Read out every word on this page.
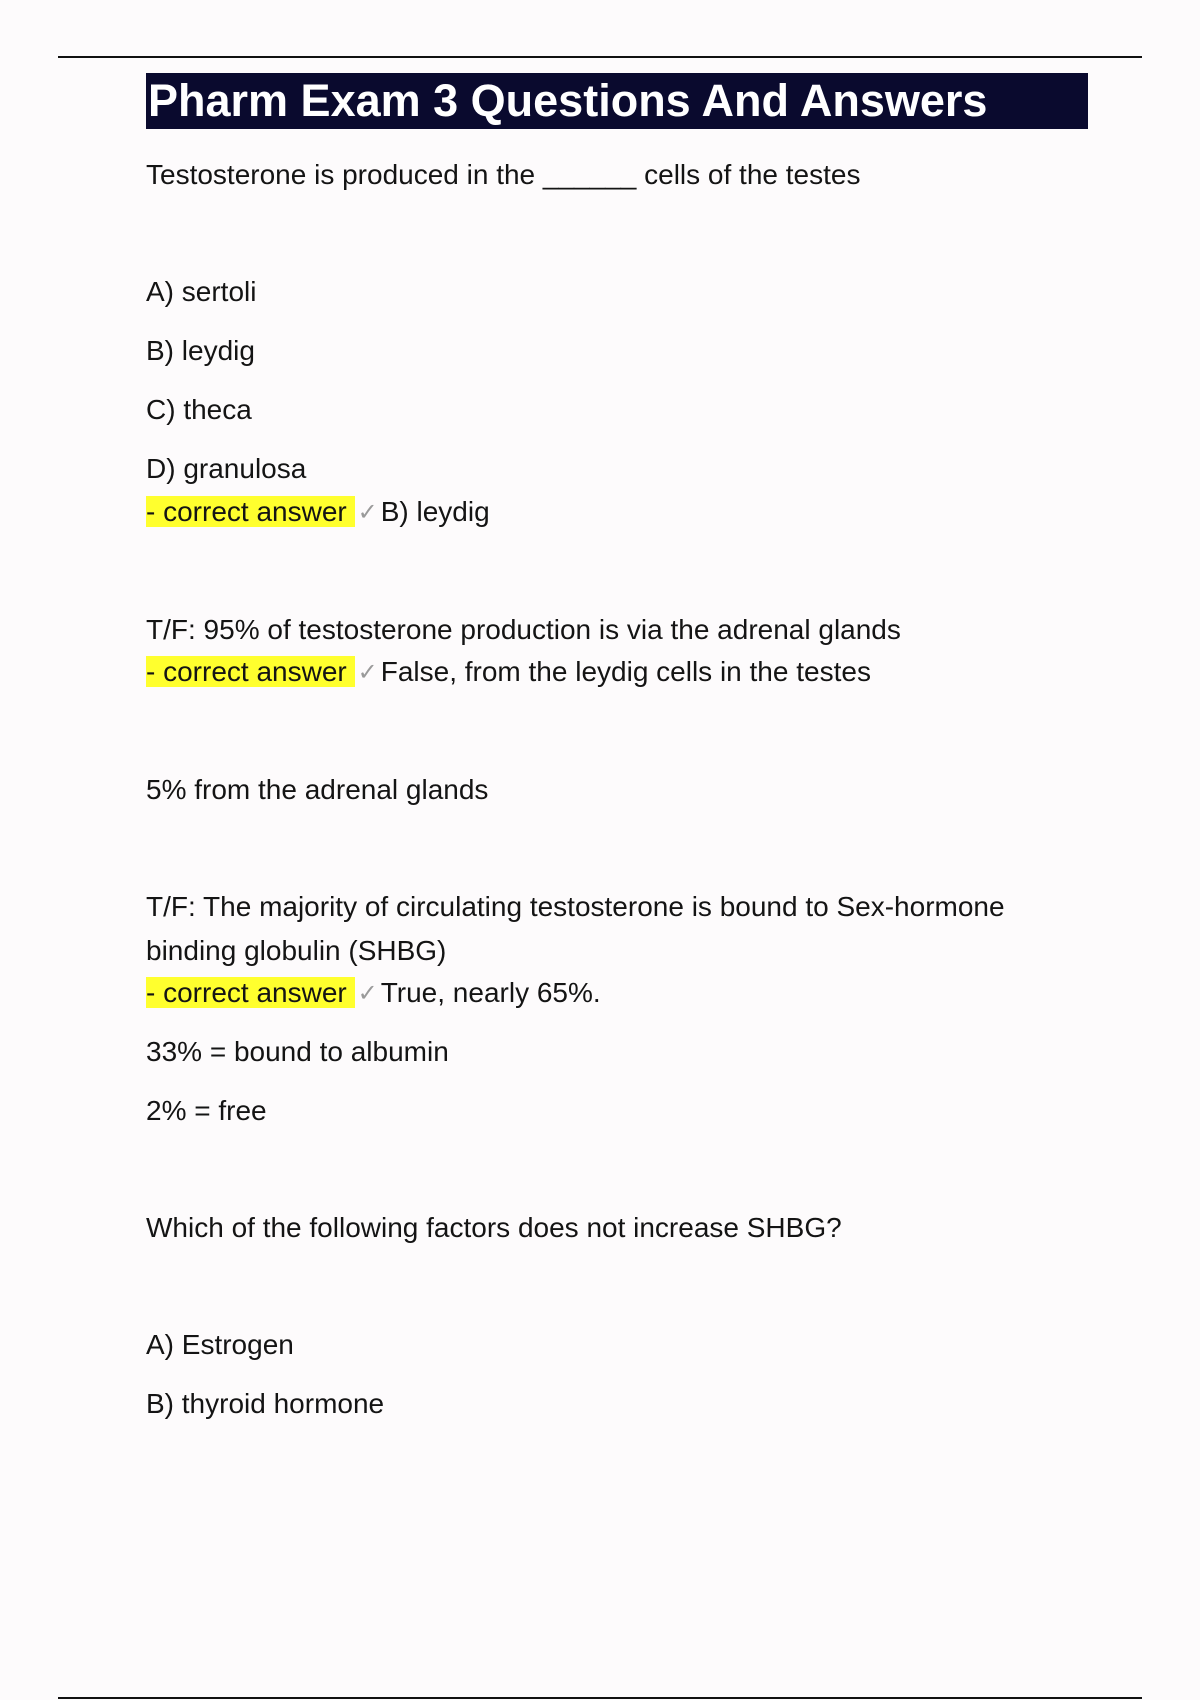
Pharm Exam 3 Questions And Answers
Testosterone is produced in the ______ cells of the testes
A) sertoli
B) leydig
C) theca
D) granulosa
- correct answer ✓ B) leydig
T/F: 95% of testosterone production is via the adrenal glands
- correct answer ✓ False, from the leydig cells in the testes
5% from the adrenal glands
T/F: The majority of circulating testosterone is bound to Sex-hormone
binding globulin (SHBG)
- correct answer ✓ True, nearly 65%.
33% = bound to albumin
2% = free
Which of the following factors does not increase SHBG?
A) Estrogen
B) thyroid hormone
